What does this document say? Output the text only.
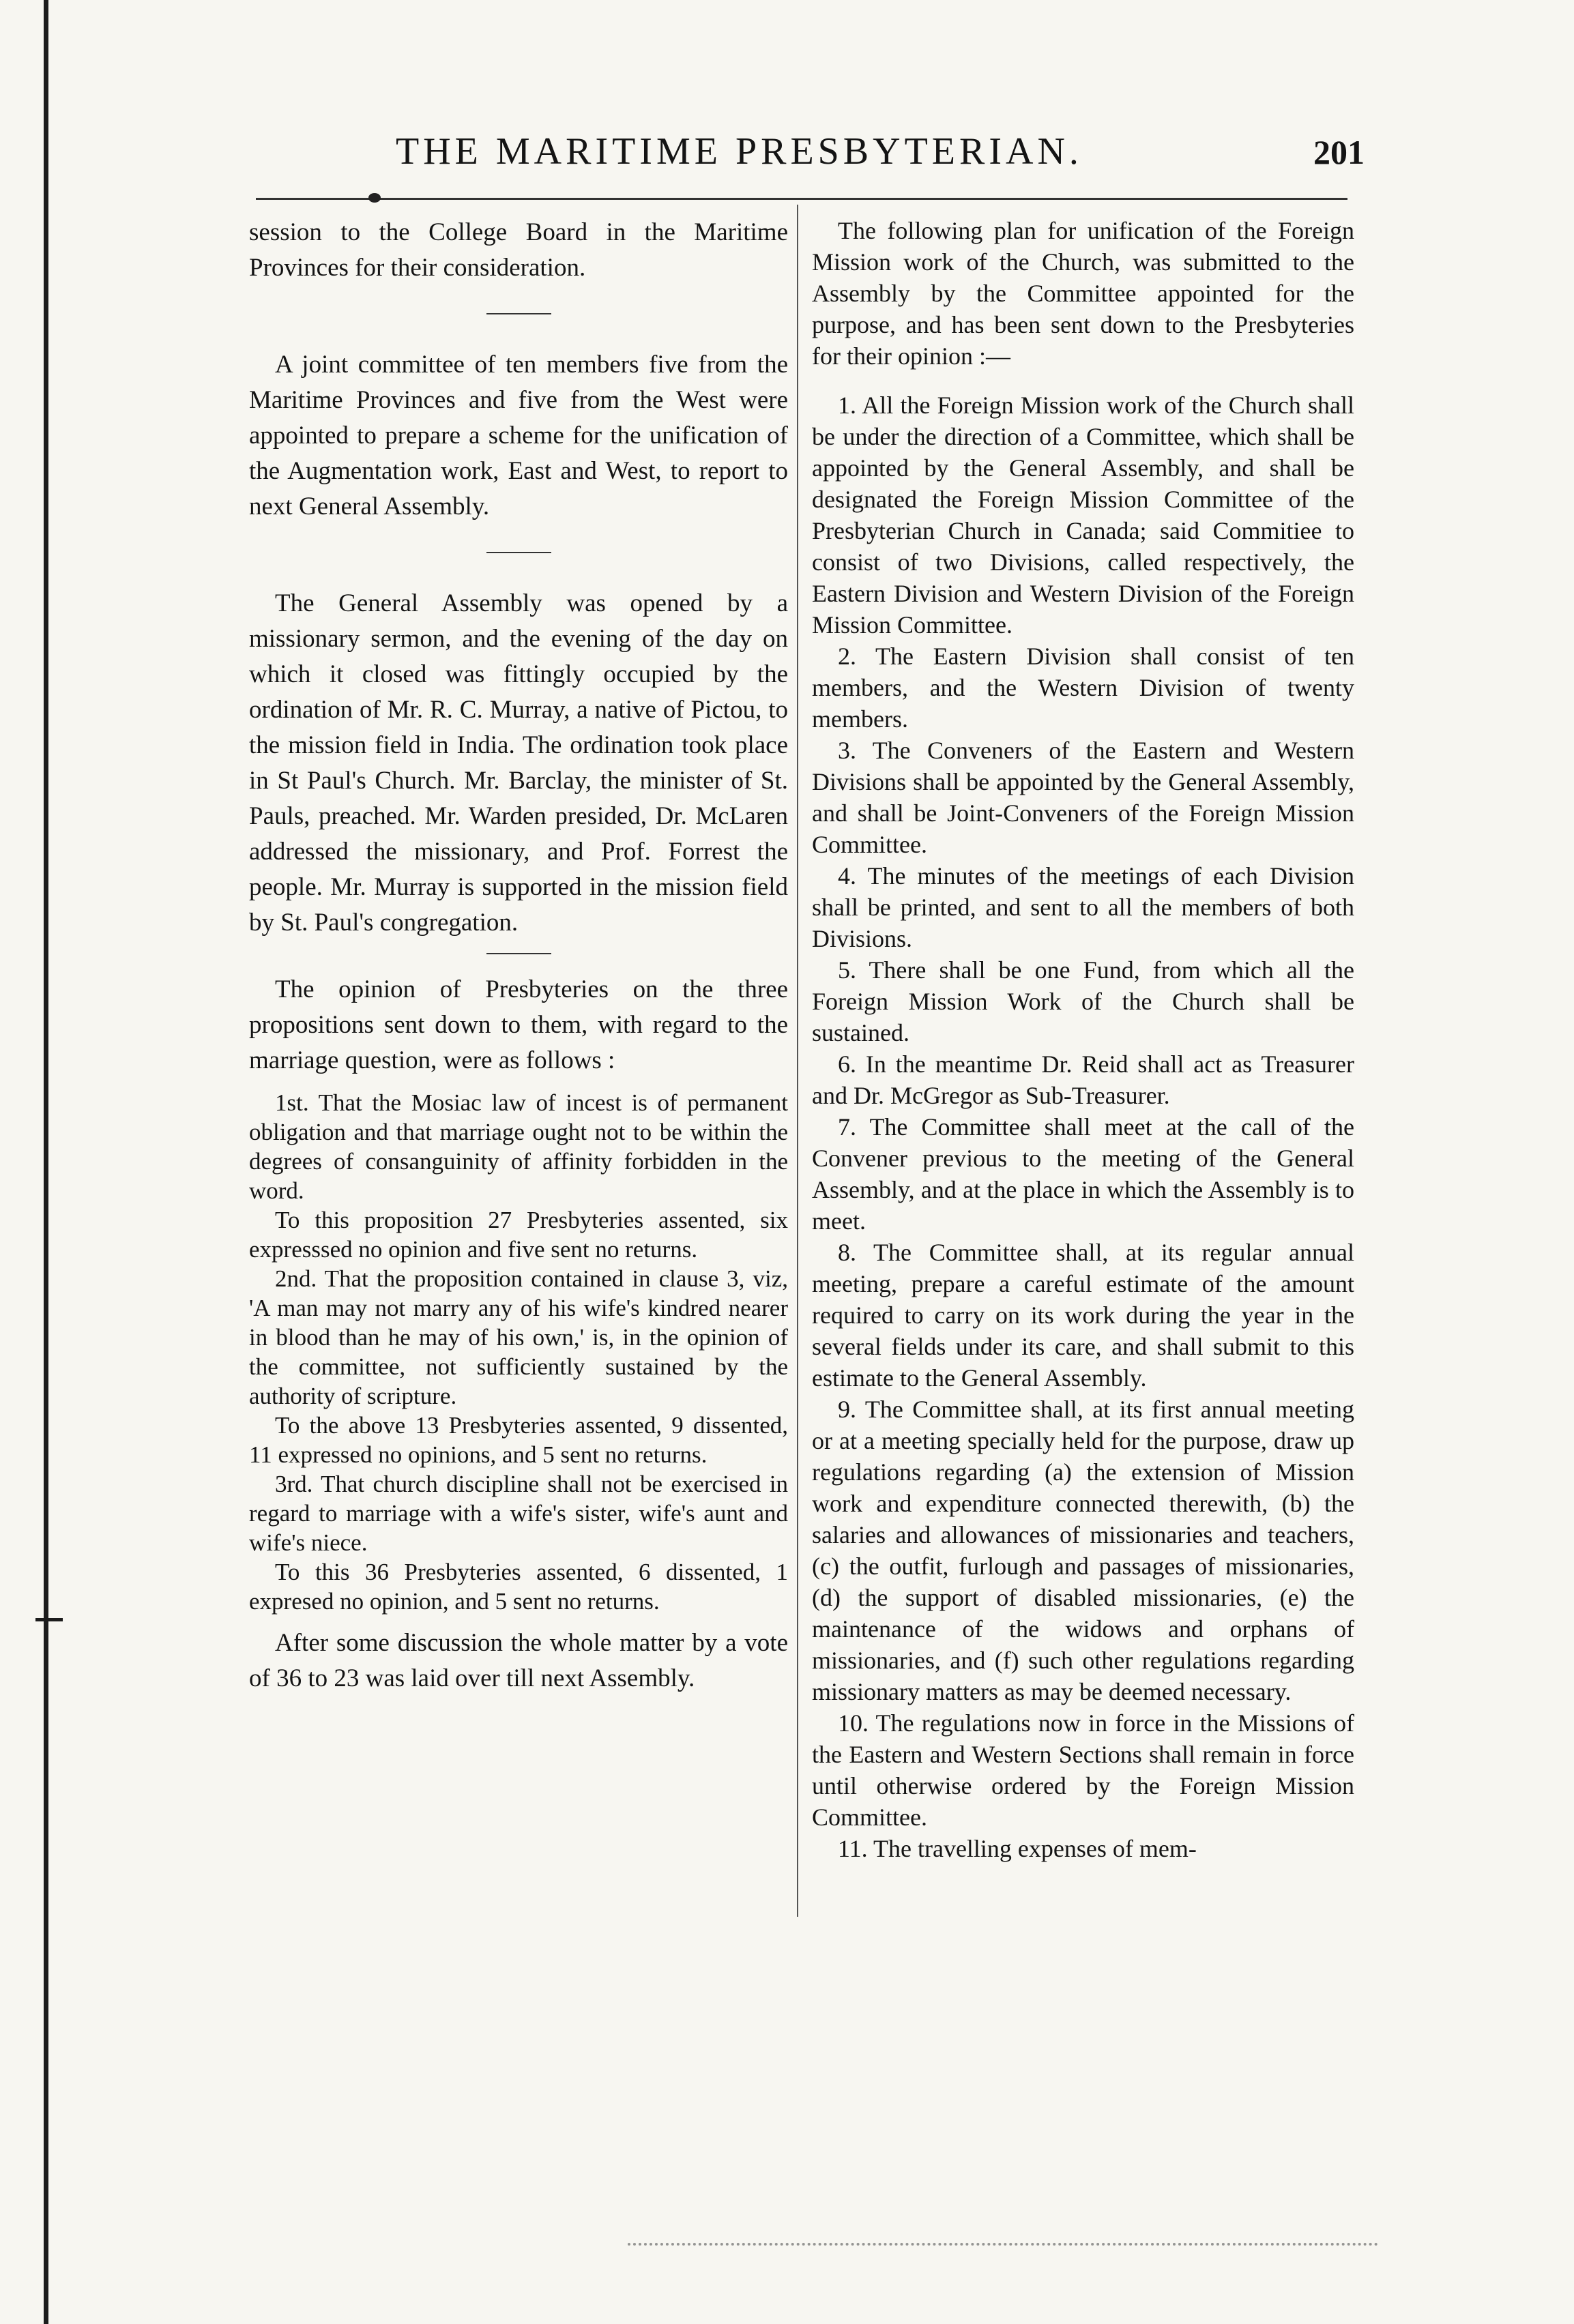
THE MARITIME PRESBYTERIAN.	201

session to the College Board in the Maritime Provinces for their consideration.

A joint committee of ten members five from the Maritime Provinces and five from the West were appointed to prepare a scheme for the unification of the Augmentation work, East and West, to report to next General Assembly.

The General Assembly was opened by a missionary sermon, and the evening of the day on which it closed was fittingly occupied by the ordination of Mr. R. C. Murray, a native of Pictou, to the mission field in India. The ordination took place in St Paul's Church. Mr. Barclay, the minister of St. Pauls, preached. Mr. Warden presided, Dr. McLaren addressed the missionary, and Prof. Forrest the people. Mr. Murray is supported in the mission field by St. Paul's congregation.

The opinion of Presbyteries on the three propositions sent down to them, with regard to the marriage question, were as follows :

1st. That the Mosiac law of incest is of permanent obligation and that marriage ought not to be within the degrees of consanguinity of affinity forbidden in the word.

To this proposition 27 Presbyteries assented, six expresssed no opinion and five sent no returns.

2nd. That the proposition contained in clause 3, viz, 'A man may not marry any of his wife's kindred nearer in blood than he may of his own,' is, in the opinion of the committee, not sufficiently sustained by the authority of scripture.

To the above 13 Presbyteries assented, 9 dissented, 11 expressed no opinions, and 5 sent no returns.

3rd. That church discipline shall not be exercised in regard to marriage with a wife's sister, wife's aunt and wife's niece.

To this 36 Presbyteries assented, 6 dissented, 1 expresed no opinion, and 5 sent no returns.

After some discussion the whole matter by a vote of 36 to 23 was laid over till next Assembly.

The following plan for unification of the Foreign Mission work of the Church, was submitted to the Assembly by the Committee appointed for the purpose, and has been sent down to the Presbyteries for their opinion :—

1. All the Foreign Mission work of the Church shall be under the direction of a Committee, which shall be appointed by the General Assembly, and shall be designated the Foreign Mission Committee of the Presbyterian Church in Canada; said Commitiee to consist of two Divisions, called respectively, the Eastern Division and Western Division of the Foreign Mission Committee.

2. The Eastern Division shall consist of ten members, and the Western Division of twenty members.

3. The Conveners of the Eastern and Western Divisions shall be appointed by the General Assembly, and shall be Joint-Conveners of the Foreign Mission Committee.

4. The minutes of the meetings of each Division shall be printed, and sent to all the members of both Divisions.

5. There shall be one Fund, from which all the Foreign Mission Work of the Church shall be sustained.

6. In the meantime Dr. Reid shall act as Treasurer and Dr. McGregor as Sub-Treasurer.

7. The Committee shall meet at the call of the Convener previous to the meeting of the General Assembly, and at the place in which the Assembly is to meet.

8. The Committee shall, at its regular annual meeting, prepare a careful estimate of the amount required to carry on its work during the year in the several fields under its care, and shall submit to this estimate to the General Assembly.

9. The Committee shall, at its first annual meeting or at a meeting specially held for the purpose, draw up regulations regarding (a) the extension of Mission work and expenditure connected therewith, (b) the salaries and allowances of missionaries and teachers, (c) the outfit, furlough and passages of missionaries, (d) the support of disabled missionaries, (e) the maintenance of the widows and orphans of missionaries, and (f) such other regulations regarding missionary matters as may be deemed necessary.

10. The regulations now in force in the Missions of the Eastern and Western Sections shall remain in force until otherwise ordered by the Foreign Mission Committee.

11. The travelling expenses of mem-
